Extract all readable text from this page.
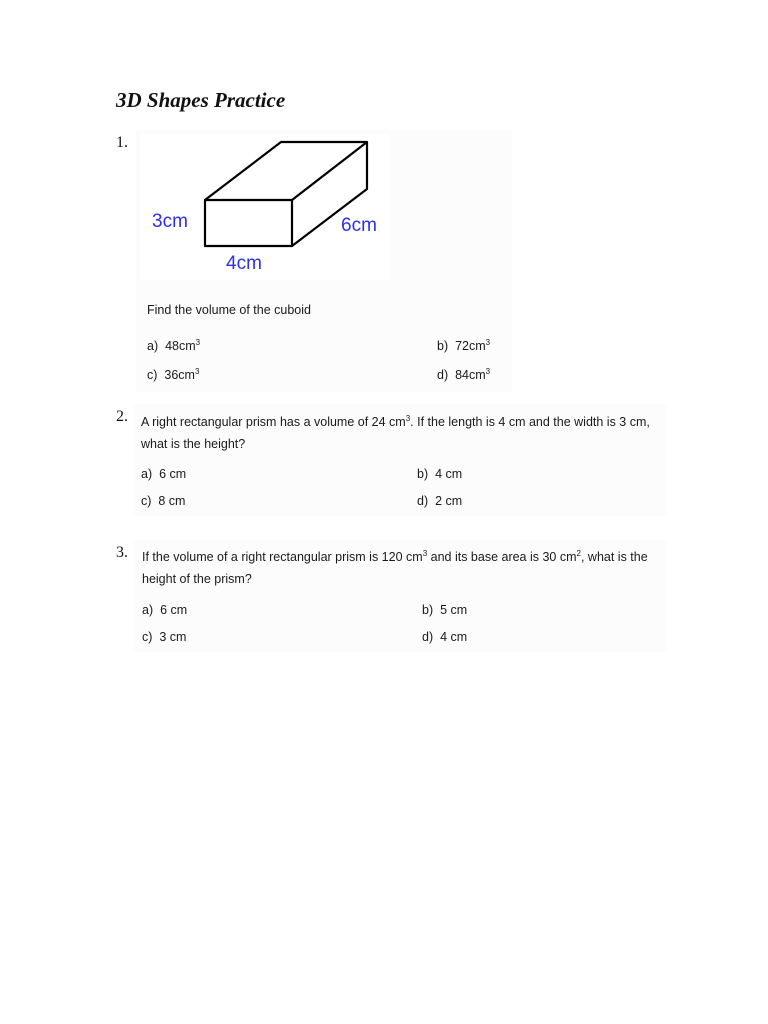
3D Shapes Practice
1.
3cm	6cm
4cm
Find the volume of the cuboid
a) $48cm^3$	b) $72cm^3$
c) $36cm^3$	d) $84cm^3$
2. A right rectangular prism has a volume of 24 $cm^3$. If the length is 4 cm and the width is 3 cm,
what is the height?
a) 6 cm	b) 4 cm
c) 8 cm	d) 2 cm
3. If the volume of a right rectangular prism is 120 $cm^3$ and its base area is 30 $cm^2$, what is the
height of the prism?
a) 6 cm	b) 5 cm
c) 3 cm	d) 4 cm
